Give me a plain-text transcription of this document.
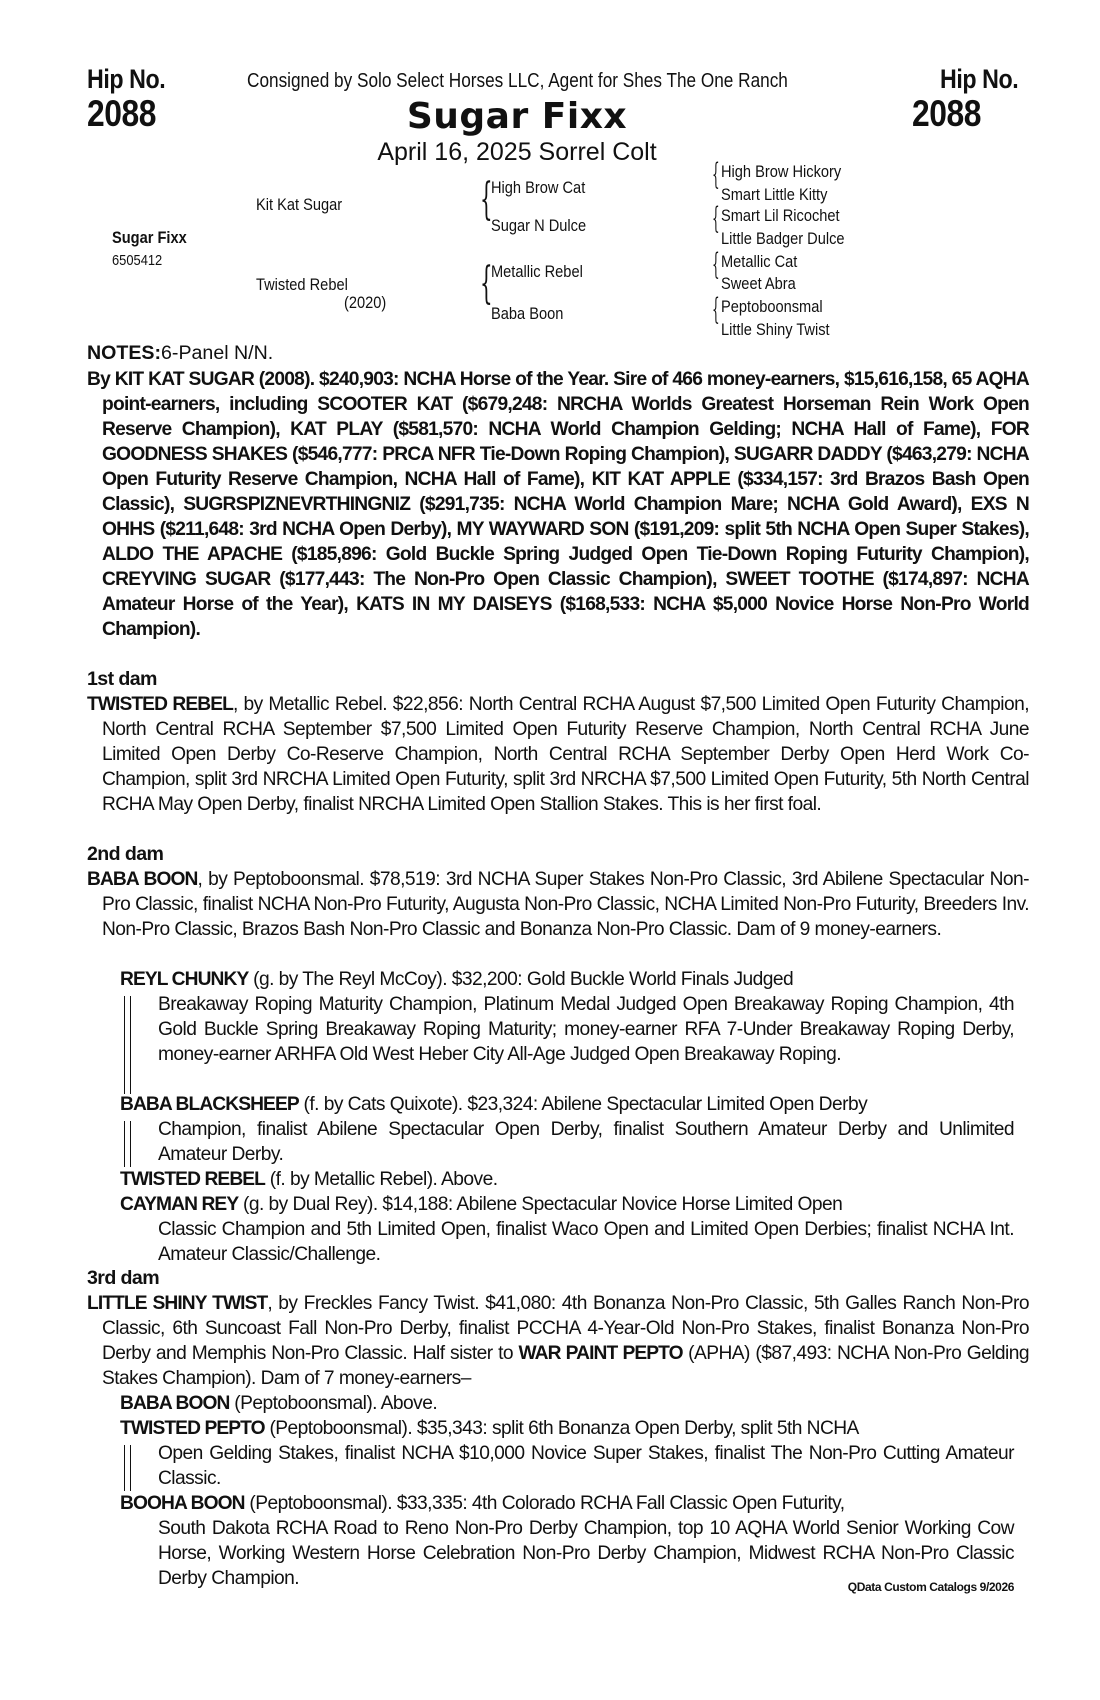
Hip No.
2088
Hip No.
2088
Consigned by Solo Select Horses LLC, Agent for Shes The One Ranch
Sugar Fixx
April 16, 2025 Sorrel Colt
Sugar Fixx
6505412
Kit Kat Sugar
Twisted Rebel
(2020)
{
High Brow Cat
Sugar N Dulce
{
Metallic Rebel
Baba Boon
{ High Brow Hickory
Smart Little Kitty
{ Smart Lil Ricochet
Little Badger Dulce
{ Metallic Cat
Sweet Abra
{ Peptoboonsmal
Little Shiny Twist
NOTES:6-Panel N/N.
By KIT KAT SUGAR (2008). $240,903: NCHA Horse of the Year. Sire of 466 money-earners, $15,616,158, 65 AQHA point-earners, including SCOOTER KAT ($679,248: NRCHA Worlds Greatest Horseman Rein Work Open Reserve Champion), KAT PLAY ($581,570: NCHA World Champion Gelding; NCHA Hall of Fame), FOR GOODNESS SHAKES ($546,777: PRCA NFR Tie-Down Roping Champion), SUGARR DADDY ($463,279: NCHA Open Futurity Reserve Champion, NCHA Hall of Fame), KIT KAT APPLE ($334,157: 3rd Brazos Bash Open Classic), SUGRSPIZNEVRTHINGNIZ ($291,735: NCHA World Champion Mare; NCHA Gold Award), EXS N OHHS ($211,648: 3rd NCHA Open Derby), MY WAYWARD SON ($191,209: split 5th NCHA Open Super Stakes), ALDO THE APACHE ($185,896: Gold Buckle Spring Judged Open Tie-Down Roping Futurity Champion), CREYVING SUGAR ($177,443: The Non-Pro Open Classic Champion), SWEET TOOTHE ($174,897: NCHA Amateur Horse of the Year), KATS IN MY DAISEYS ($168,533: NCHA $5,000 Novice Horse Non-Pro World Champion).
1st dam
TWISTED REBEL, by Metallic Rebel. $22,856: North Central RCHA August $7,500 Limited Open Futurity Champion, North Central RCHA September $7,500 Limited Open Futurity Reserve Champion, North Central RCHA June Limited Open Derby Co-Reserve Champion, North Central RCHA September Derby Open Herd Work Co-Champion, split 3rd NRCHA Limited Open Futurity, split 3rd NRCHA $7,500 Limited Open Futurity, 5th North Central RCHA May Open Derby, finalist NRCHA Limited Open Stallion Stakes. This is her first foal.
2nd dam
BABA BOON, by Peptoboonsmal. $78,519: 3rd NCHA Super Stakes Non-Pro Classic, 3rd Abilene Spectacular Non-Pro Classic, finalist NCHA Non-Pro Futurity, Augusta Non-Pro Classic, NCHA Limited Non-Pro Futurity, Breeders Inv. Non-Pro Classic, Brazos Bash Non-Pro Classic and Bonanza Non-Pro Classic. Dam of 9 money-earners.
REYL CHUNKY (g. by The Reyl McCoy). $32,200: Gold Buckle World Finals Judged
Breakaway Roping Maturity Champion, Platinum Medal Judged Open Breakaway Roping Champion, 4th Gold Buckle Spring Breakaway Roping Maturity; money-earner RFA 7-Under Breakaway Roping Derby, money-earner ARHFA Old West Heber City All-Age Judged Open Breakaway Roping.
BABA BLACKSHEEP (f. by Cats Quixote). $23,324: Abilene Spectacular Limited Open Derby
Champion, finalist Abilene Spectacular Open Derby, finalist Southern Amateur Derby and Unlimited Amateur Derby.
TWISTED REBEL (f. by Metallic Rebel). Above.
CAYMAN REY (g. by Dual Rey). $14,188: Abilene Spectacular Novice Horse Limited Open
Classic Champion and 5th Limited Open, finalist Waco Open and Limited Open Derbies; finalist NCHA Int. Amateur Classic/Challenge.
3rd dam
LITTLE SHINY TWIST, by Freckles Fancy Twist. $41,080: 4th Bonanza Non-Pro Classic, 5th Galles Ranch Non-Pro Classic, 6th Suncoast Fall Non-Pro Derby, finalist PCCHA 4-Year-Old Non-Pro Stakes, finalist Bonanza Non-Pro Derby and Memphis Non-Pro Classic. Half sister to WAR PAINT PEPTO (APHA) ($87,493: NCHA Non-Pro Gelding Stakes Champion). Dam of 7 money-earners–
BABA BOON (Peptoboonsmal). Above.
TWISTED PEPTO (Peptoboonsmal). $35,343: split 6th Bonanza Open Derby, split 5th NCHA
Open Gelding Stakes, finalist NCHA $10,000 Novice Super Stakes, finalist The Non-Pro Cutting Amateur Classic.
BOOHA BOON (Peptoboonsmal). $33,335: 4th Colorado RCHA Fall Classic Open Futurity,
South Dakota RCHA Road to Reno Non-Pro Derby Champion, top 10 AQHA World Senior Working Cow Horse, Working Western Horse Celebration Non-Pro Derby Champion, Midwest RCHA Non-Pro Classic Derby Champion.	QData Custom Catalogs 9/2026
